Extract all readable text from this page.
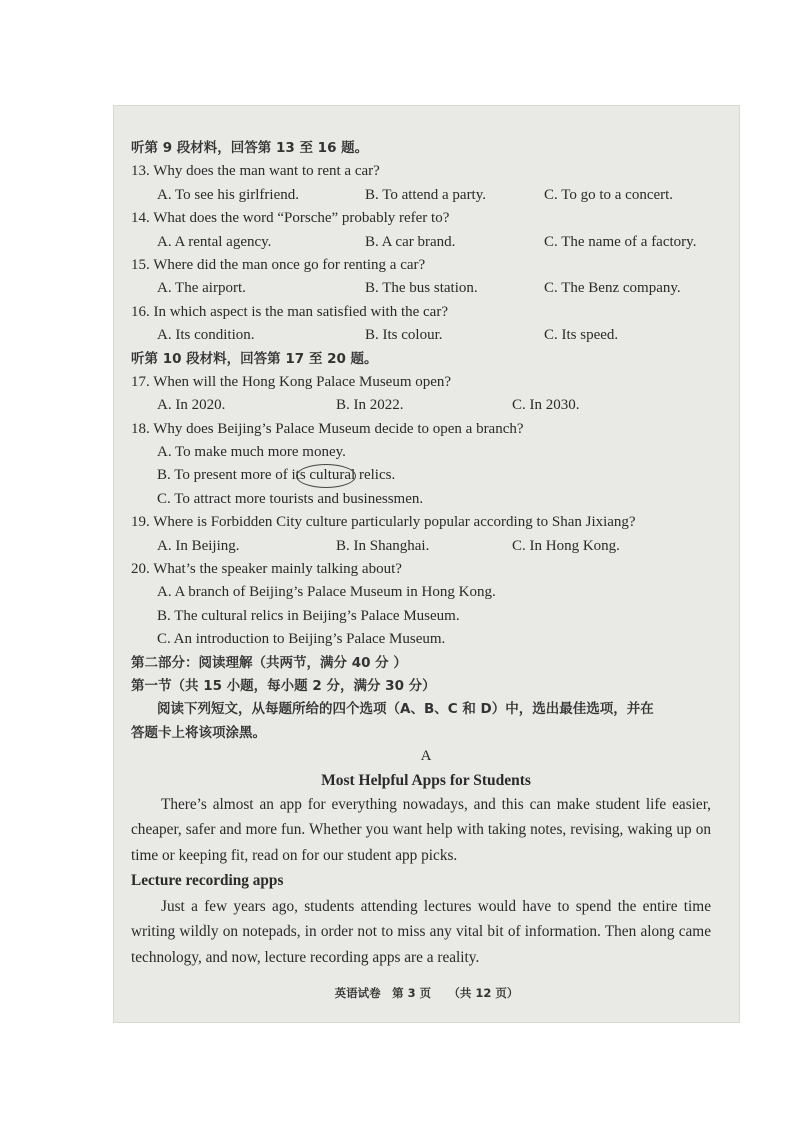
听第 9 段材料，回答第 13 至 16 题。
13. Why does the man want to rent a car?
A. To see his girlfriend.	B. To attend a party.	C. To go to a concert.
14. What does the word “Porsche” probably refer to?
A. A rental agency.	B. A car brand.	C. The name of a factory.
15. Where did the man once go for renting a car?
A. The airport.	B. The bus station.	C. The Benz company.
16. In which aspect is the man satisfied with the car?
A. Its condition.	B. Its colour.	C. Its speed.
听第 10 段材料，回答第 17 至 20 题。
17. When will the Hong Kong Palace Museum open?
A. In 2020.	B. In 2022.	C. In 2030.
18. Why does Beijing’s Palace Museum decide to open a branch?
A. To make much more money.
B. To present more of its cultural relics.
C. To attract more tourists and businessmen.
19. Where is Forbidden City culture particularly popular according to Shan Jixiang?
A. In Beijing.	B. In Shanghai.	C. In Hong Kong.
20. What’s the speaker mainly talking about?
A. A branch of Beijing’s Palace Museum in Hong Kong.
B. The cultural relics in Beijing’s Palace Museum.
C. An introduction to Beijing’s Palace Museum.
第二部分：阅读理解（共两节，满分 40 分 ）
第一节（共 15 小题，每小题 2 分，满分 30 分）
阅读下列短文，从每题所给的四个选项（A、B、C 和 D）中，选出最佳选项，并在
答题卡上将该项涂黑。
A
Most Helpful Apps for Students

There’s almost an app for everything nowadays, and this can make student life easier, cheaper, safer and more fun. Whether you want help with taking notes, revising, waking up on time or keeping fit, read on for our student app picks.

Lecture recording apps

Just a few years ago, students attending lectures would have to spend the entire time writing wildly on notepads, in order not to miss any vital bit of information. Then along came technology, and now, lecture recording apps are a reality.

英语试卷　第 3 页　　（共 12 页）
